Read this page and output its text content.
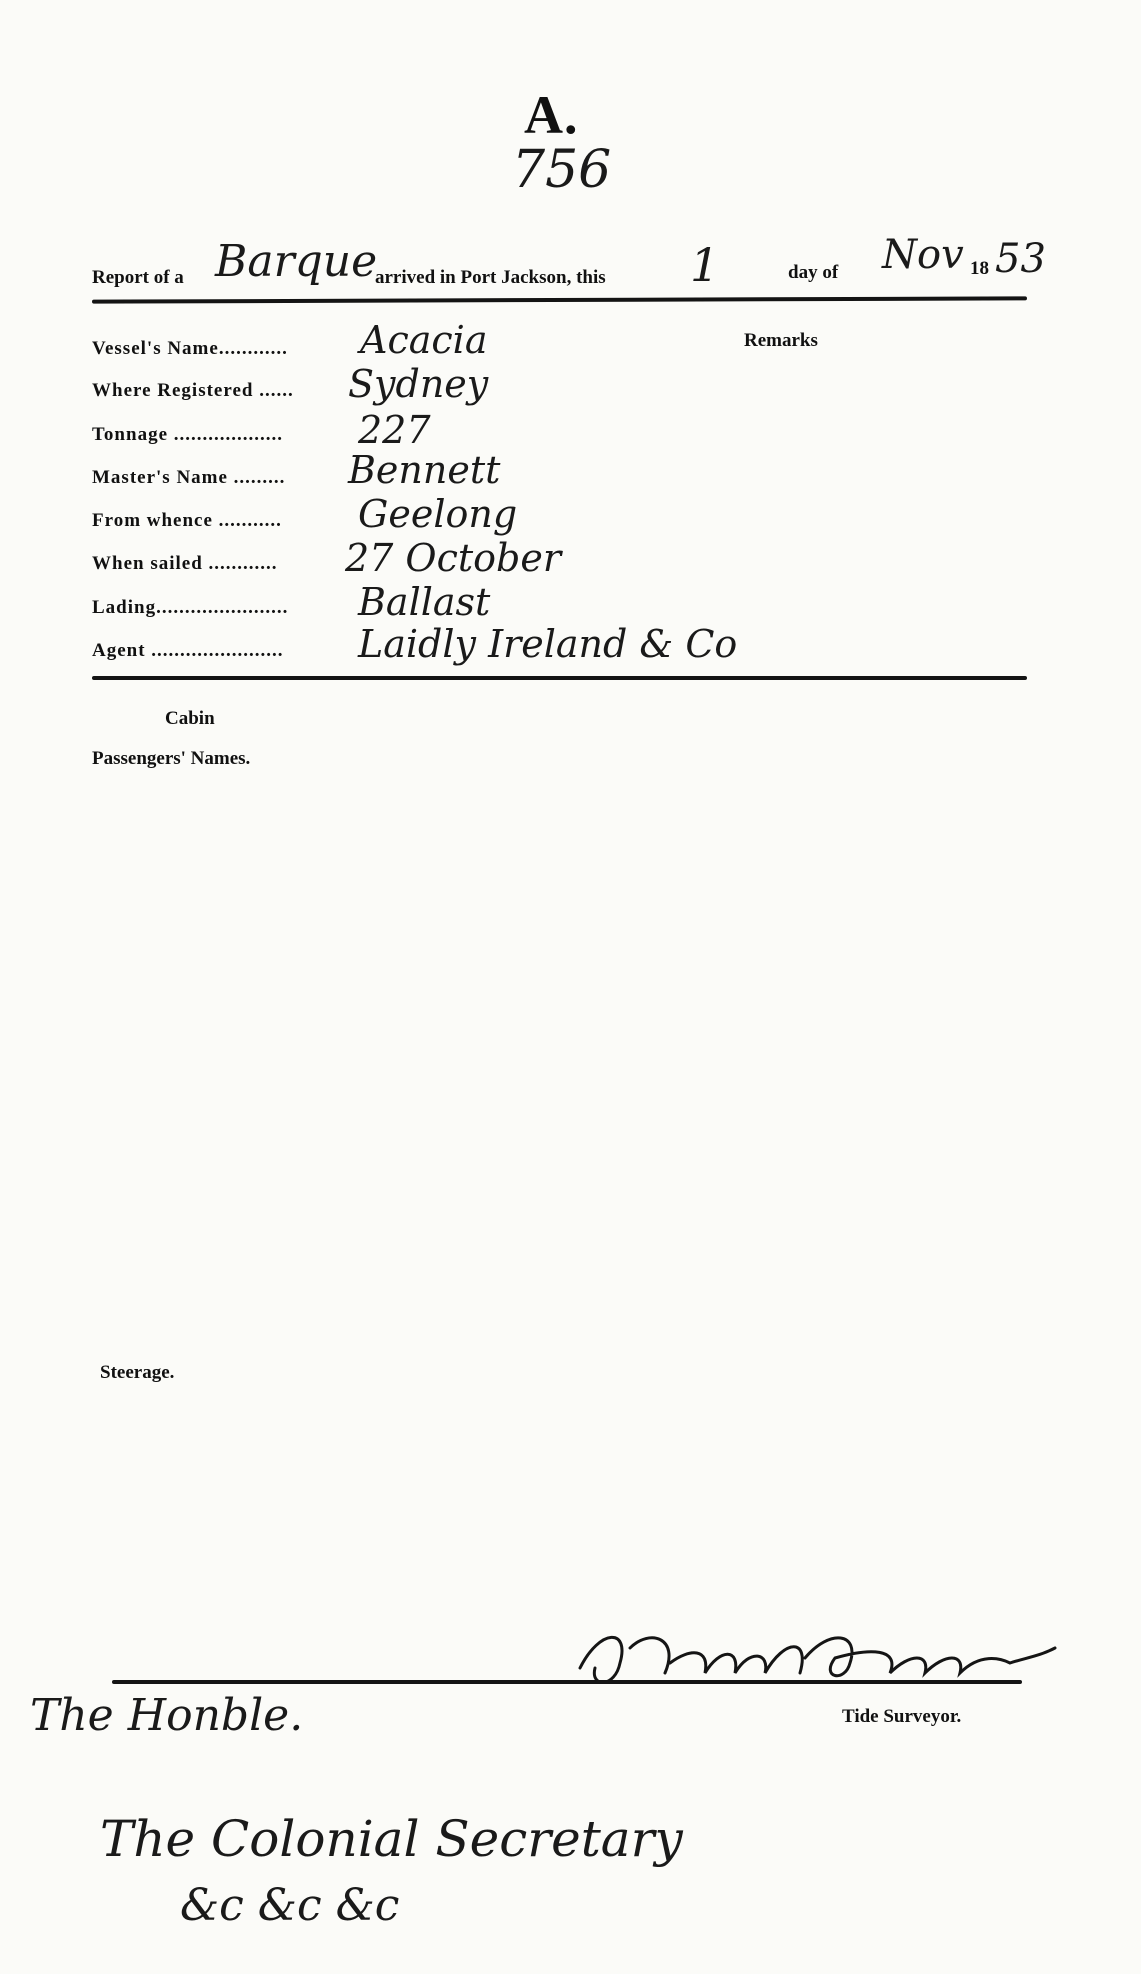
A.
756
Report of a Barque
arrived in Port Jackson, this 1	day of Nov 18 53
Remarks
Vessel's Name............
Where Registered ......
Tonnage ...................
Master's Name .........
From whence ...........
When sailed ............
Lading.......................
Agent .......................
Acacia
Sydney
227
Bennett
Geelong
27 October
Ballast
Laidly Ireland & Co
Cabin
Passengers' Names.
Steerage.
Tide Surveyor.
The Honble.
The Colonial Secretary
&c &c &c
